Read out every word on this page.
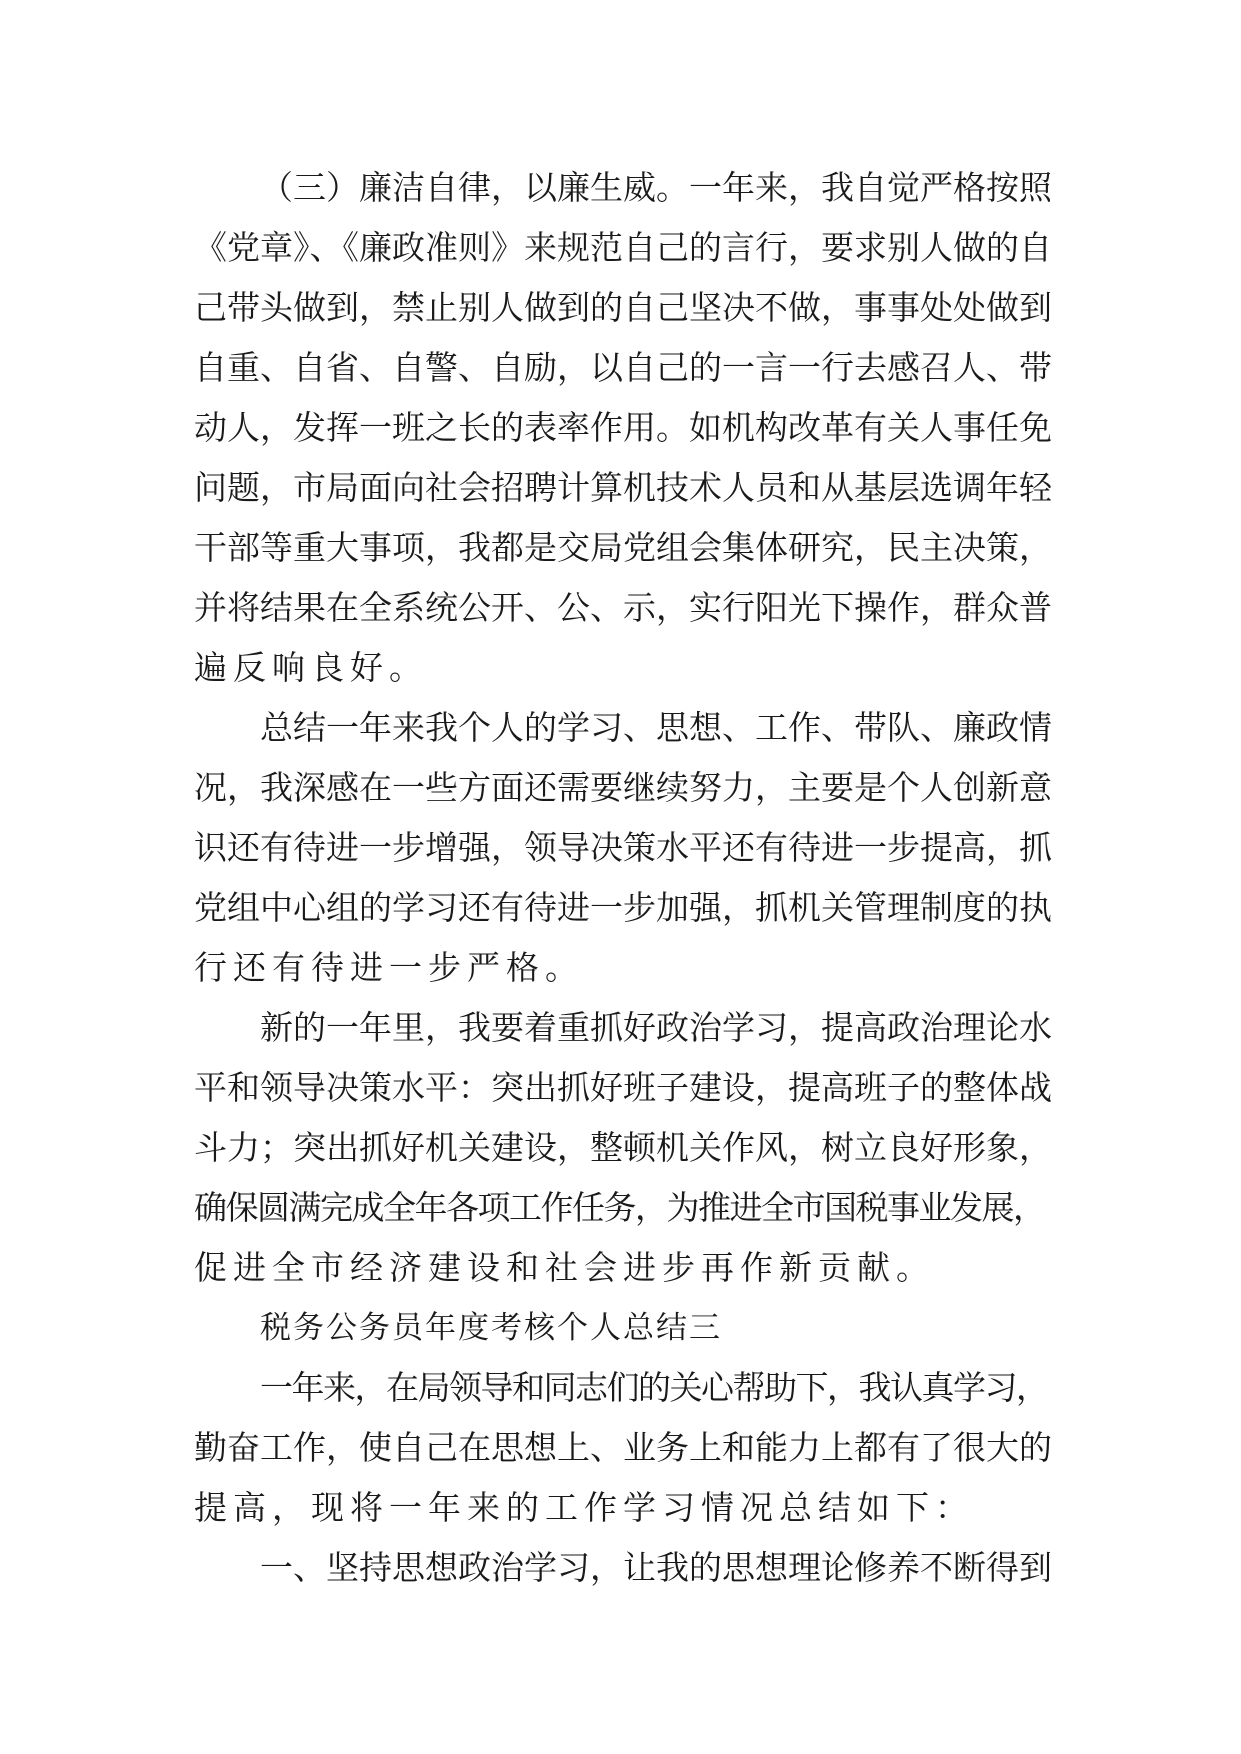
（三）廉洁自律，以廉生威。一年来，我自觉严格按照
《党章》、《廉政准则》来规范自己的言行，要求别人做的自
己带头做到，禁止别人做到的自己坚决不做，事事处处做到
自重、自省、自警、自励，以自己的一言一行去感召人、带
动人，发挥一班之长的表率作用。如机构改革有关人事任免
问题，市局面向社会招聘计算机技术人员和从基层选调年轻
干部等重大事项，我都是交局党组会集体研究，民主决策，
并将结果在全系统公开、公、示，实行阳光下操作，群众普
遍反响良好。
总结一年来我个人的学习、思想、工作、带队、廉政情
况，我深感在一些方面还需要继续努力，主要是个人创新意
识还有待进一步增强，领导决策水平还有待进一步提高，抓
党组中心组的学习还有待进一步加强，抓机关管理制度的执
行还有待进一步严格。
新的一年里，我要着重抓好政治学习，提高政治理论水
平和领导决策水平：突出抓好班子建设，提高班子的整体战
斗力；突出抓好机关建设，整顿机关作风，树立良好形象，
确保圆满完成全年各项工作任务，为推进全市国税事业发展，
促进全市经济建设和社会进步再作新贡献。
税务公务员年度考核个人总结三
一年来，在局领导和同志们的关心帮助下，我认真学习，
勤奋工作，使自己在思想上、业务上和能力上都有了很大的
提高，现将一年来的工作学习情况总结如下：
一、坚持思想政治学习，让我的思想理论修养不断得到
